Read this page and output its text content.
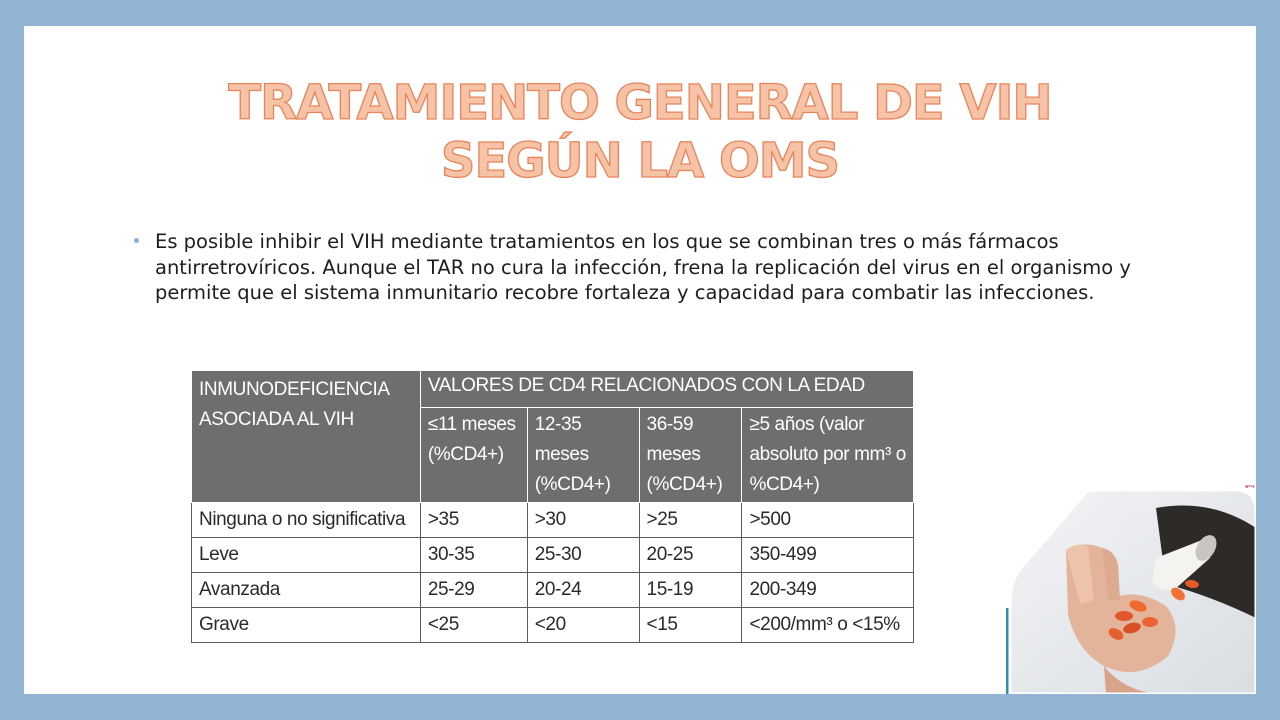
TRATAMIENTO GENERAL DE VIH
SEGÚN LA OMS

Es posible inhibir el VIH mediante tratamientos en los que se combinan tres o más fármacos antirretrovíricos. Aunque el TAR no cura la infección, frena la replicación del virus en el organismo y permite que el sistema inmunitario recobre fortaleza y capacidad para combatir las infecciones.

INMUNODEFICIENCIA ASOCIADA AL VIH	VALORES DE CD4 RELACIONADOS CON LA EDAD			
	≤11 meses (%CD4+)	12-35 meses (%CD4+)	36-59 meses (%CD4+)	≥5 años (valor absoluto por mm³ o %CD4+)
Ninguna o no significativa	>35	>30	>25	>500
Leve	30-35	25-30	20-25	350-499
Avanzada	25-29	20-24	15-19	200-349
Grave	<25	<20	<15	<200/mm³ o <15%
